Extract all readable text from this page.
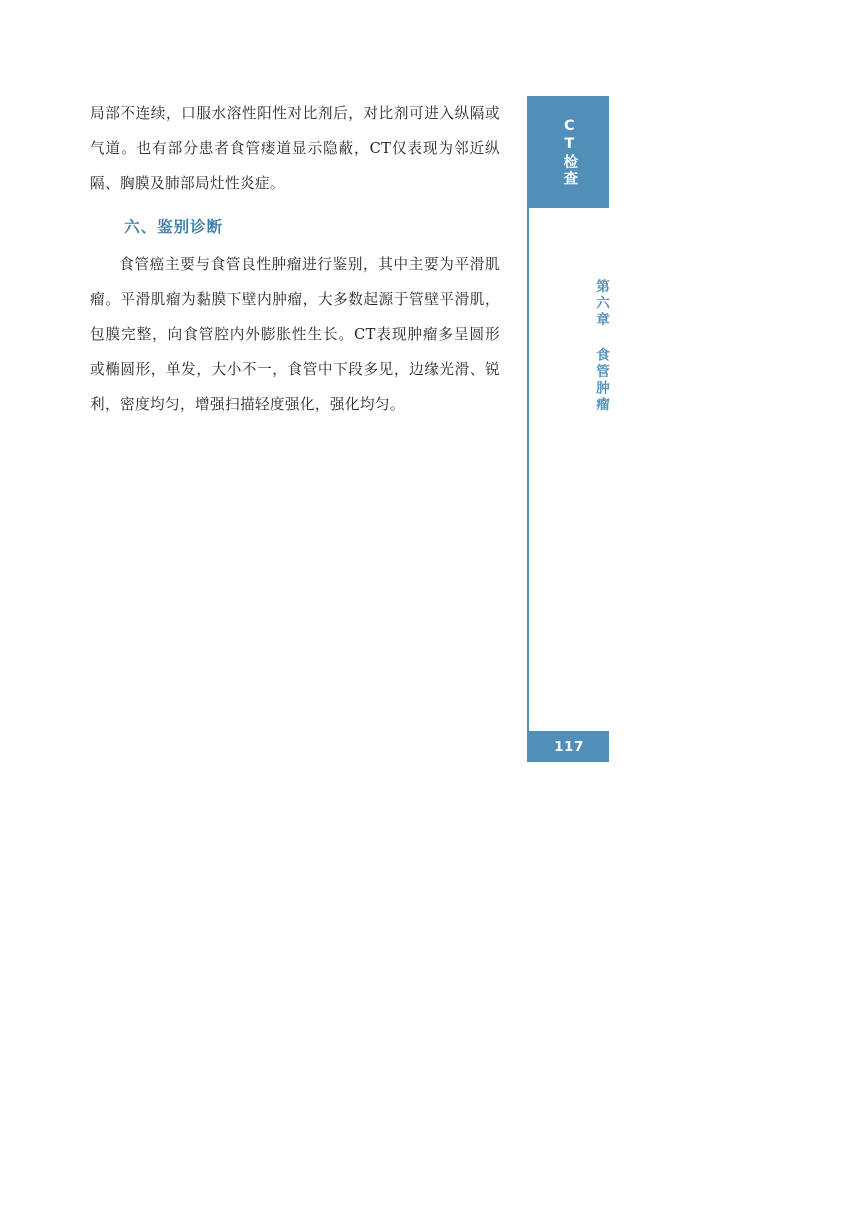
局部不连续，口服水溶性阳性对比剂后，对比剂可进入纵隔或气道。也有部分患者食管瘘道显示隐蔽，CT仅表现为邻近纵隔、胸膜及肺部局灶性炎症。

六、鉴别诊断

食管癌主要与食管良性肿瘤进行鉴别，其中主要为平滑肌瘤。平滑肌瘤为黏膜下壁内肿瘤，大多数起源于管壁平滑肌，包膜完整，向食管腔内外膨胀性生长。CT表现肿瘤多呈圆形或椭圆形，单发，大小不一，食管中下段多见，边缘光滑、锐利，密度均匀，增强扫描轻度强化，强化均匀。

CT检查
第六章 食管肿瘤
117
